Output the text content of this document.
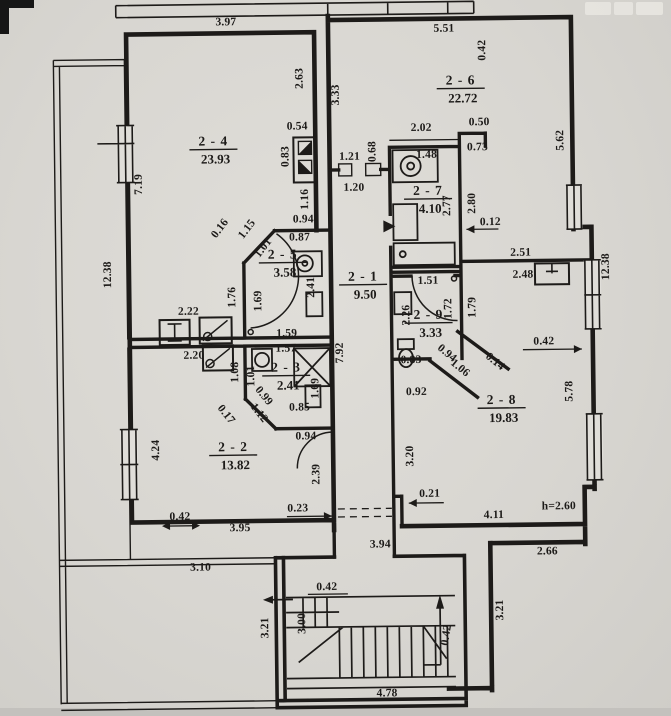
3.97
5.51
0.42
2.63
3.33
5.62
7.19
0.54
0.83	1.21 0.68
1.20
2.02	0.50
1.48
0.73
2.77 2.80
0.12
2.51
2.48	12.38
1.16
0.94
0.16 1.15
1.01 0.87
1.76 1.69
2.41
1.59
12.38
2.22
2.20
1.51
1.72 1.79
2.26
0.83 0.94
1.06 0.14
0.92
7.92
1.08 1.01
1.57
0.99
1.12
0.17	0.85
1.69
0.94
4.24
2.39
0.42
0.23
3.95
0.42
5.78
3.20
0.21
4.11
h=2.60
3.10
3.94
2.66
3.21
3.21
0.42
3.00
0.42
4.78
2 - 4
23.93
2 - 6
22.72
2 - 7
4.10
2 - 5
3.58	2 - 1
9.50
2 - 9
3.33
2 - 3
2.41
2 - 2
13.82
2 - 8
19.83
